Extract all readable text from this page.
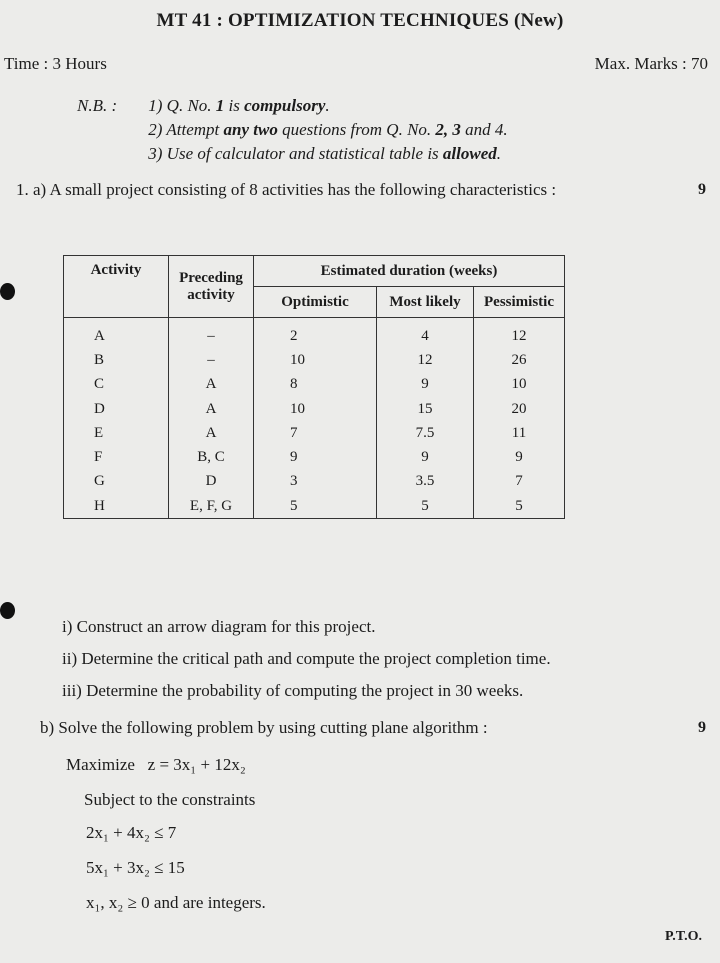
MT 41 : OPTIMIZATION TECHNIQUES (New)
Time : 3 Hours	Max. Marks : 70
N.B. : 1) Q. No. 1 is compulsory.
2) Attempt any two questions from Q. No. 2, 3 and 4.
3) Use of calculator and statistical table is allowed.
1. a) A small project consisting of 8 activities has the following characteristics :	9
Activity	Preceding activity	Estimated duration (weeks)		
		Optimistic	Most likely	Pessimistic
A	–	2	4	12
B	–	10	12	26
C	A	8	9	10
D	A	10	15	20
E	A	7	7.5	11
F	B, C	9	9	9
G	D	3	3.5	7
H	E, F, G	5	5	5
i) Construct an arrow diagram for this project.
ii) Determine the critical path and compute the project completion time.
iii) Determine the probability of computing the project in 30 weeks.
b) Solve the following problem by using cutting plane algorithm :	9
Maximize z = 3x₁ + 12x₂
Subject to the constraints
2x₁ + 4x₂ ≤ 7
5x₁ + 3x₂ ≤ 15
x₁, x₂ ≥ 0 and are integers.
P.T.O.
